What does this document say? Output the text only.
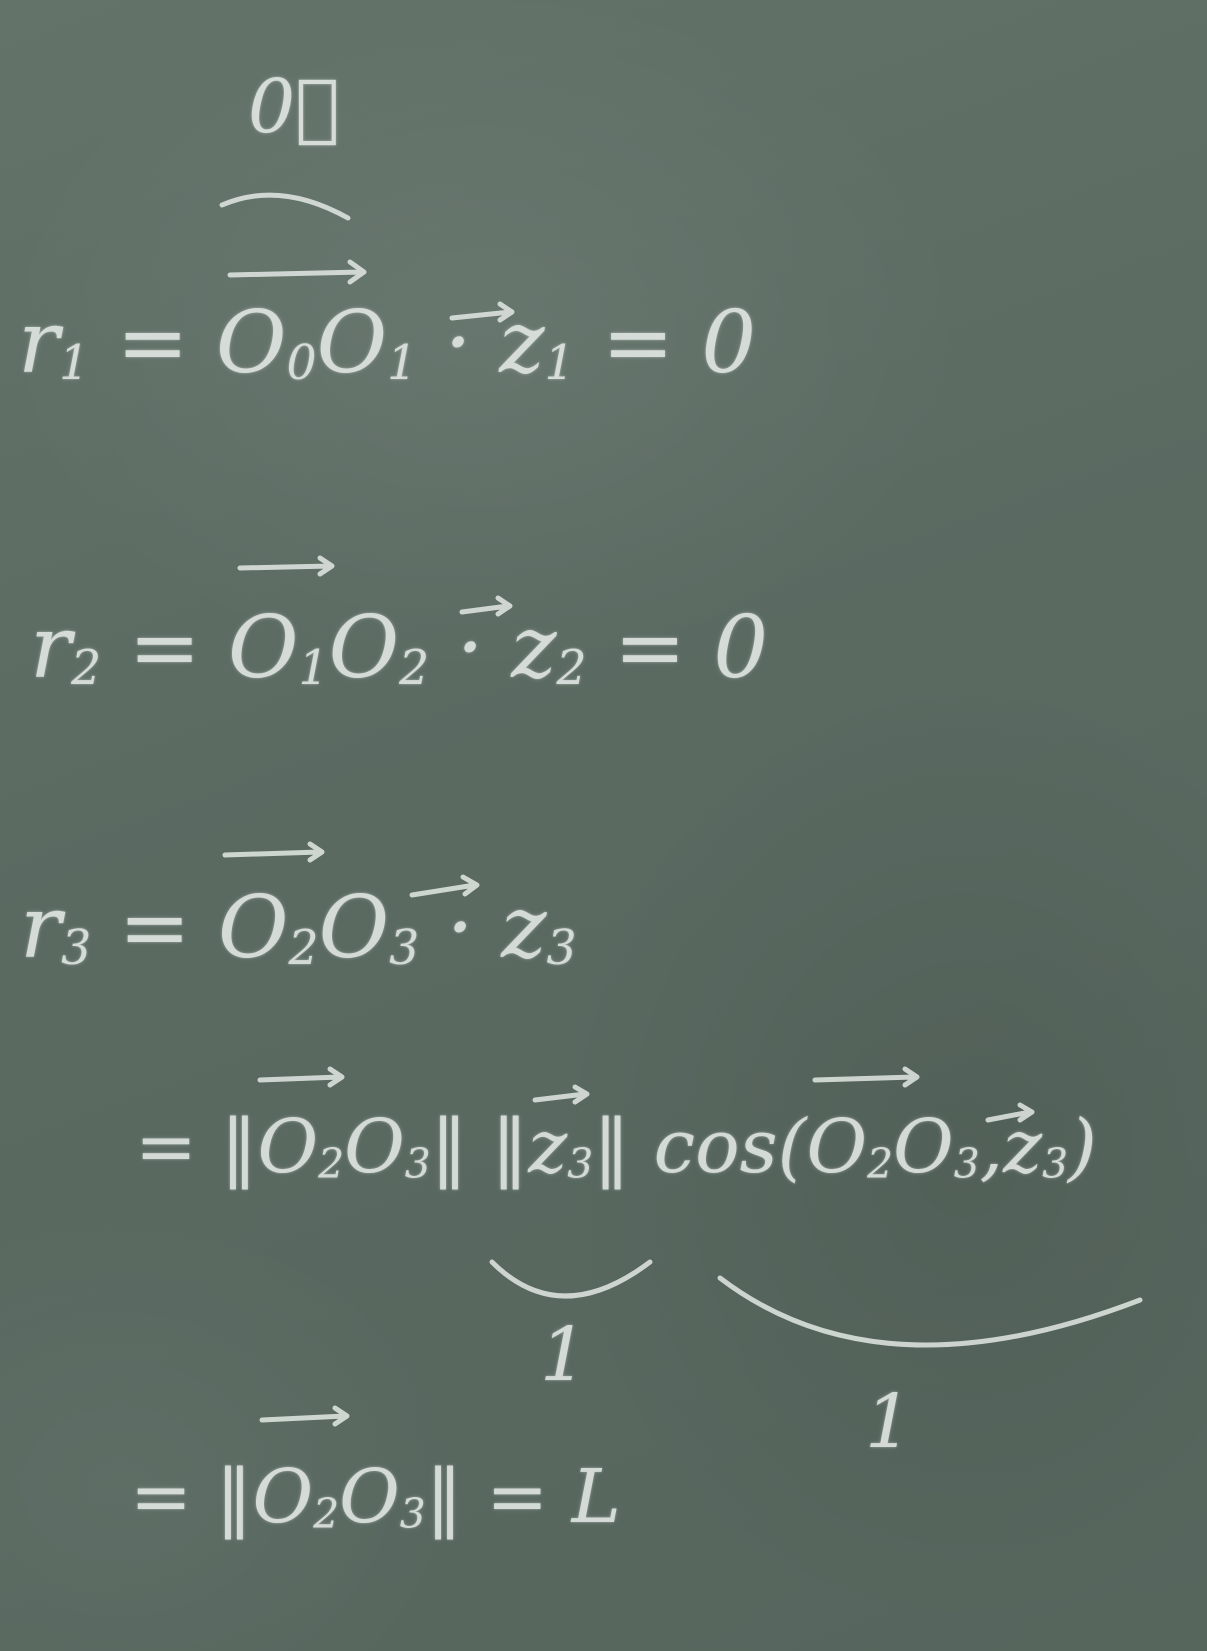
0⃗
$r_1 = O_0O_1 \cdot z_1 = 0$
$r_2 = O_1O_2 \cdot z_2 = 0$
$r_3 = O_2O_3 \cdot z_3$
= $‖O_2O_3‖$ $‖z_3‖$ $\cos(O_2O_3,z_3)$
1
1
= $‖O_2O_3‖ = L$
